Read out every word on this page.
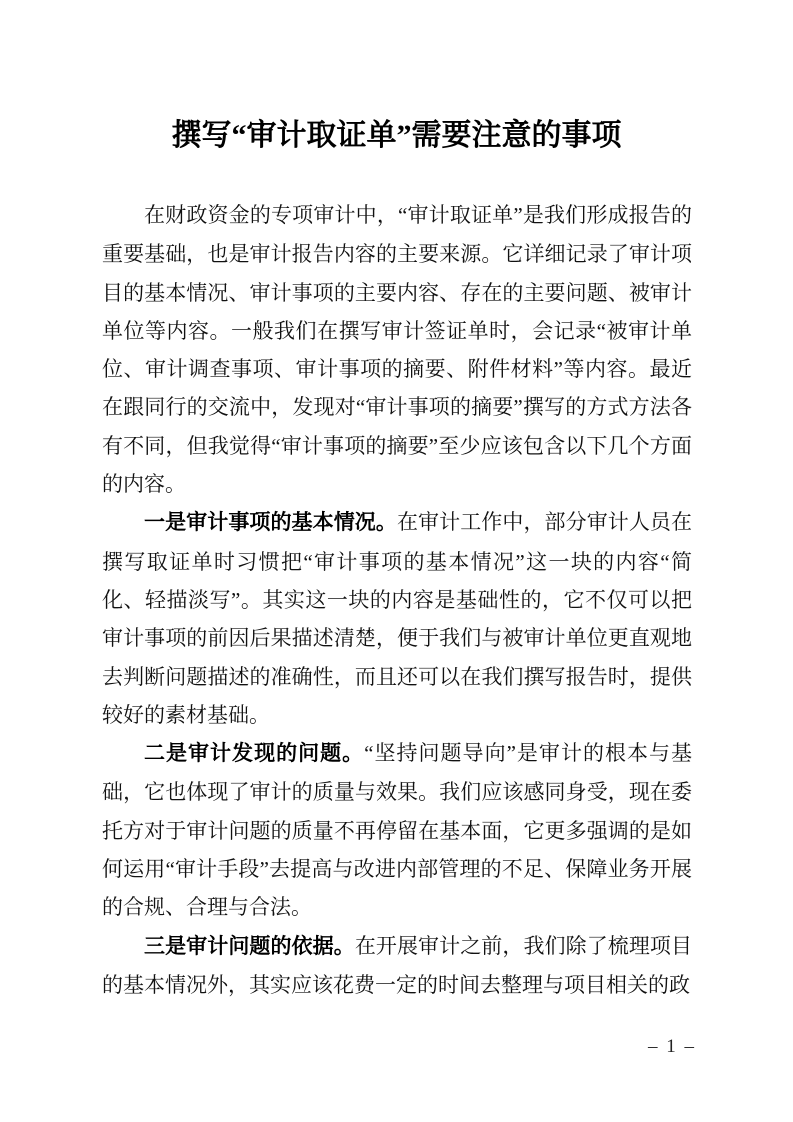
撰写“审计取证单”需要注意的事项

在财政资金的专项审计中，“审计取证单”是我们形成报告的重要基础，也是审计报告内容的主要来源。它详细记录了审计项目的基本情况、审计事项的主要内容、存在的主要问题、被审计单位等内容。一般我们在撰写审计签证单时，会记录“被审计单位、审计调查事项、审计事项的摘要、附件材料”等内容。最近在跟同行的交流中，发现对“审计事项的摘要”撰写的方式方法各有不同，但我觉得“审计事项的摘要”至少应该包含以下几个方面的内容。

一是审计事项的基本情况。在审计工作中，部分审计人员在撰写取证单时习惯把“审计事项的基本情况”这一块的内容“简化、轻描淡写”。其实这一块的内容是基础性的，它不仅可以把审计事项的前因后果描述清楚，便于我们与被审计单位更直观地去判断问题描述的准确性，而且还可以在我们撰写报告时，提供较好的素材基础。

二是审计发现的问题。“坚持问题导向”是审计的根本与基础，它也体现了审计的质量与效果。我们应该感同身受，现在委托方对于审计问题的质量不再停留在基本面，它更多强调的是如何运用“审计手段”去提高与改进内部管理的不足、保障业务开展的合规、合理与合法。

三是审计问题的依据。在开展审计之前，我们除了梳理项目的基本情况外，其实应该花费一定的时间去整理与项目相关的政

– 1 –
